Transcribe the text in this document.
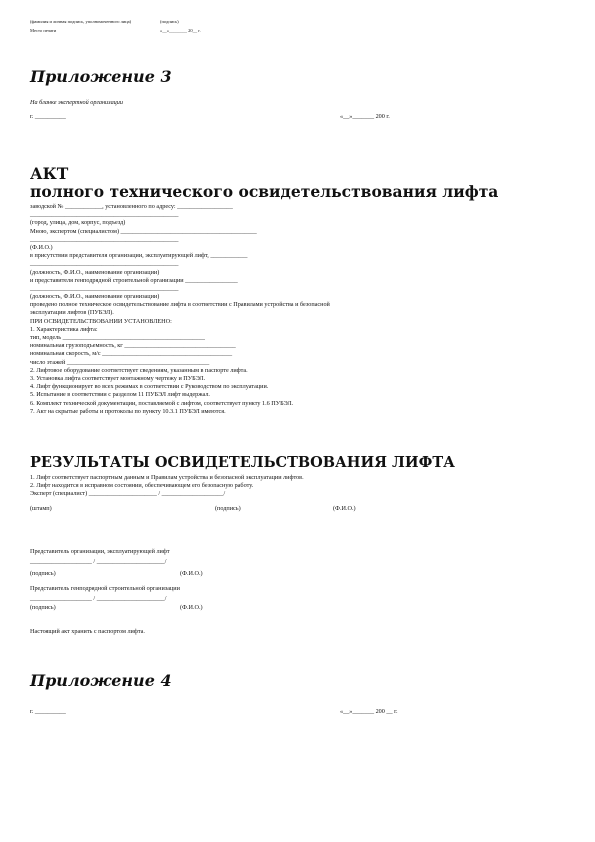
(фамилия и личная подпись, уполномоченного лица)
Место печати
(подпись)
«__»________ 20__ г.
Приложение 3
На бланке экспертной организации
г. __________	«__»_______ 200 г.
АКТ
полного технического освидетельствования лифта
заводской № ____________, установленного по адресу: __________________
________________________________________________
(город, улица, дом, корпус, подъезд)
Мною, экспертом (специалистом) ____________________________________________
________________________________________________
(Ф.И.О.)
в присутствии представителя организации, эксплуатирующей лифт, ____________
________________________________________________
(должность, Ф.И.О., наименование организации)
и представителя генподрядной строительной организации _________________
________________________________________________
(должность, Ф.И.О., наименование организации)
проведено полное техническое освидетельствование лифта в соответствии с Правилами устройства и безопасной
эксплуатации лифтов (ПУБЭЛ).
ПРИ ОСВИДЕТЕЛЬСТВОВАНИИ УСТАНОВЛЕНО:
1. Характеристика лифта:
тип, модель ______________________________________________
номинальная грузоподъемность, кг ____________________________________
номинальная скорость, м/с __________________________________________
число этажей ______________________________________________
2. Лифтовое оборудование соответствует сведениям, указанным в паспорте лифта.
3. Установка лифта соответствует монтажному чертежу и ПУБЭЛ.
4. Лифт функционирует во всех режимах в соответствии с Руководством по эксплуатации.
5. Испытание в соответствии с разделом 11 ПУБЭЛ лифт выдержал.
6. Комплект технической документации, поставляемой с лифтом, соответствует пункту 1.6 ПУБЭЛ.
7. Акт на скрытые работы и протоколы по пункту 10.3.1 ПУБЭЛ имеются.
РЕЗУЛЬТАТЫ ОСВИДЕТЕЛЬСТВОВАНИЯ ЛИФТА
1. Лифт соответствует паспортным данным и Правилам устройства и безопасной эксплуатации лифтов.
2. Лифт находится в исправном состоянии, обеспечивающем его безопасную работу.
Эксперт (специалист) ______________________ / ____________________/
(штамп)	(подпись)	(Ф.И.О.)
Представитель организации, эксплуатирующей лифт
____________________ / ______________________/
(подпись)	(Ф.И.О.)
Представитель генподрядной строительной организации
____________________ / ______________________/
(подпись)	(Ф.И.О.)
Настоящий акт хранить с паспортом лифта.
Приложение 4
г. __________	«__»_______ 200 __ г.
